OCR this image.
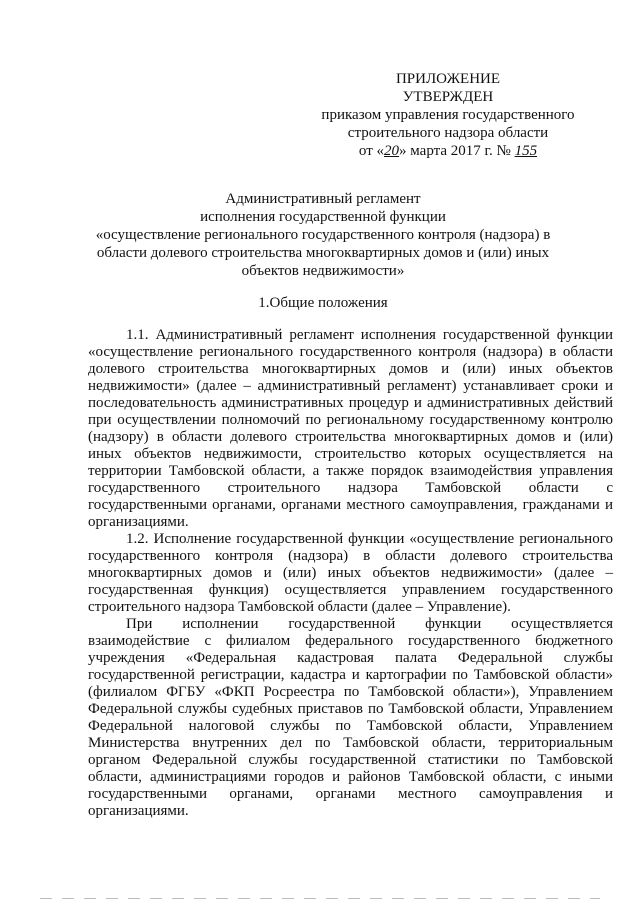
ПРИЛОЖЕНИЕ
УТВЕРЖДЕН
приказом управления государственного
строительного надзора области
от «20» марта 2017 г. № 155
Административный регламент
исполнения государственной функции
«осуществление регионального государственного контроля (надзора) в области долевого строительства многоквартирных домов и (или) иных объектов недвижимости»
1.Общие положения

1.1. Административный регламент исполнения государственной функции «осуществление регионального государственного контроля (надзора) в области долевого строительства многоквартирных домов и (или) иных объектов недвижимости» (далее – административный регламент) устанавливает сроки и последовательность административных процедур и административных действий при осуществлении полномочий по региональному государственному контролю (надзору) в области долевого строительства многоквартирных домов и (или) иных объектов недвижимости, строительство которых осуществляется на территории Тамбовской области, а также порядок взаимодействия управления государственного строительного надзора Тамбовской области с государственными органами, органами местного самоуправления, гражданами и организациями.

1.2. Исполнение государственной функции «осуществление регионального государственного контроля (надзора) в области долевого строительства многоквартирных домов и (или) иных объектов недвижимости» (далее – государственная функция) осуществляется управлением государственного строительного надзора Тамбовской области (далее – Управление).

При исполнении государственной функции осуществляется взаимодействие с филиалом федерального государственного бюджетного учреждения «Федеральная кадастровая палата Федеральной службы государственной регистрации, кадастра и картографии по Тамбовской области» (филиалом ФГБУ «ФКП Росреестра по Тамбовской области»), Управлением Федеральной службы судебных приставов по Тамбовской области, Управлением Федеральной налоговой службы по Тамбовской области, Управлением Министерства внутренних дел по Тамбовской области, территориальным органом Федеральной службы государственной статистики по Тамбовской области, администрациями городов и районов Тамбовской области, с иными государственными органами, органами местного самоуправления и организациями.
